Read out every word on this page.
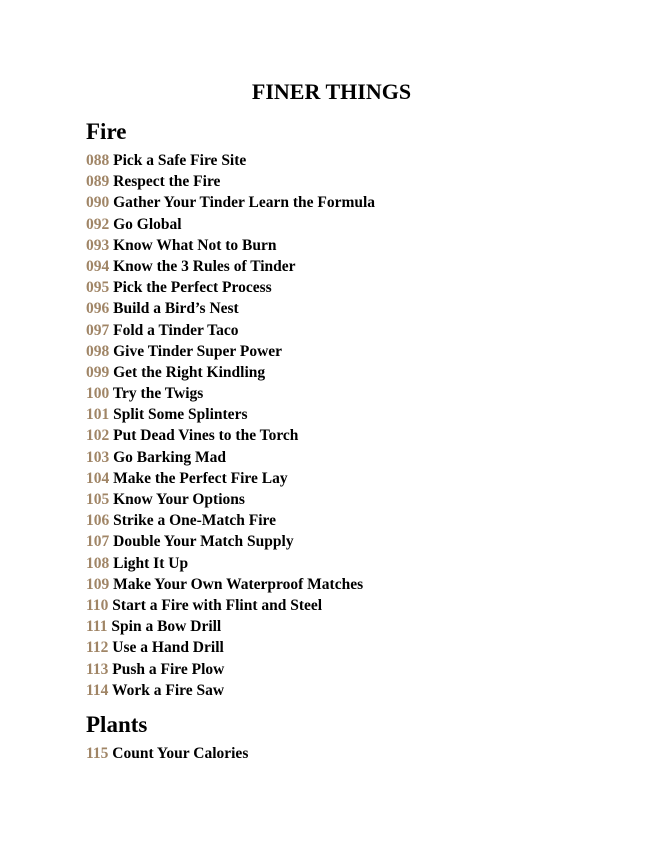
FINER THINGS
Fire
088 Pick a Safe Fire Site
089 Respect the Fire
090 Gather Your Tinder Learn the Formula
092 Go Global
093 Know What Not to Burn
094 Know the 3 Rules of Tinder
095 Pick the Perfect Process
096 Build a Bird’s Nest
097 Fold a Tinder Taco
098 Give Tinder Super Power
099 Get the Right Kindling
100 Try the Twigs
101 Split Some Splinters
102 Put Dead Vines to the Torch
103 Go Barking Mad
104 Make the Perfect Fire Lay
105 Know Your Options
106 Strike a One-Match Fire
107 Double Your Match Supply
108 Light It Up
109 Make Your Own Waterproof Matches
110 Start a Fire with Flint and Steel
111 Spin a Bow Drill
112 Use a Hand Drill
113 Push a Fire Plow
114 Work a Fire Saw
Plants
115 Count Your Calories
